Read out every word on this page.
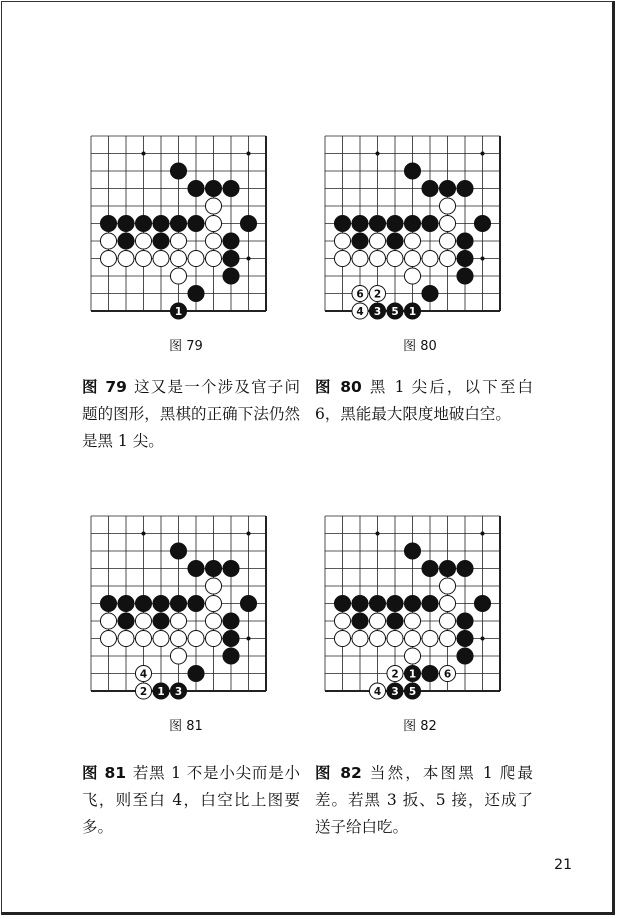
1
图 79
6 2
4 3 5 1
图 80
图 79 这又是一个涉及官子问题的图形，黑棋的正确下法仍然是黑 1 尖。
图 80 黑 1 尖后，以下至白 6，黑能最大限度地破白空。
4
2 1 3
图 81
2 1	6
4 3 5
图 82
图 81 若黑 1 不是小尖而是小飞，则至白 4，白空比上图要多。
图 82 当然，本图黑 1 爬最差。若黑 3 扳、5 接，还成了送子给白吃。
21
